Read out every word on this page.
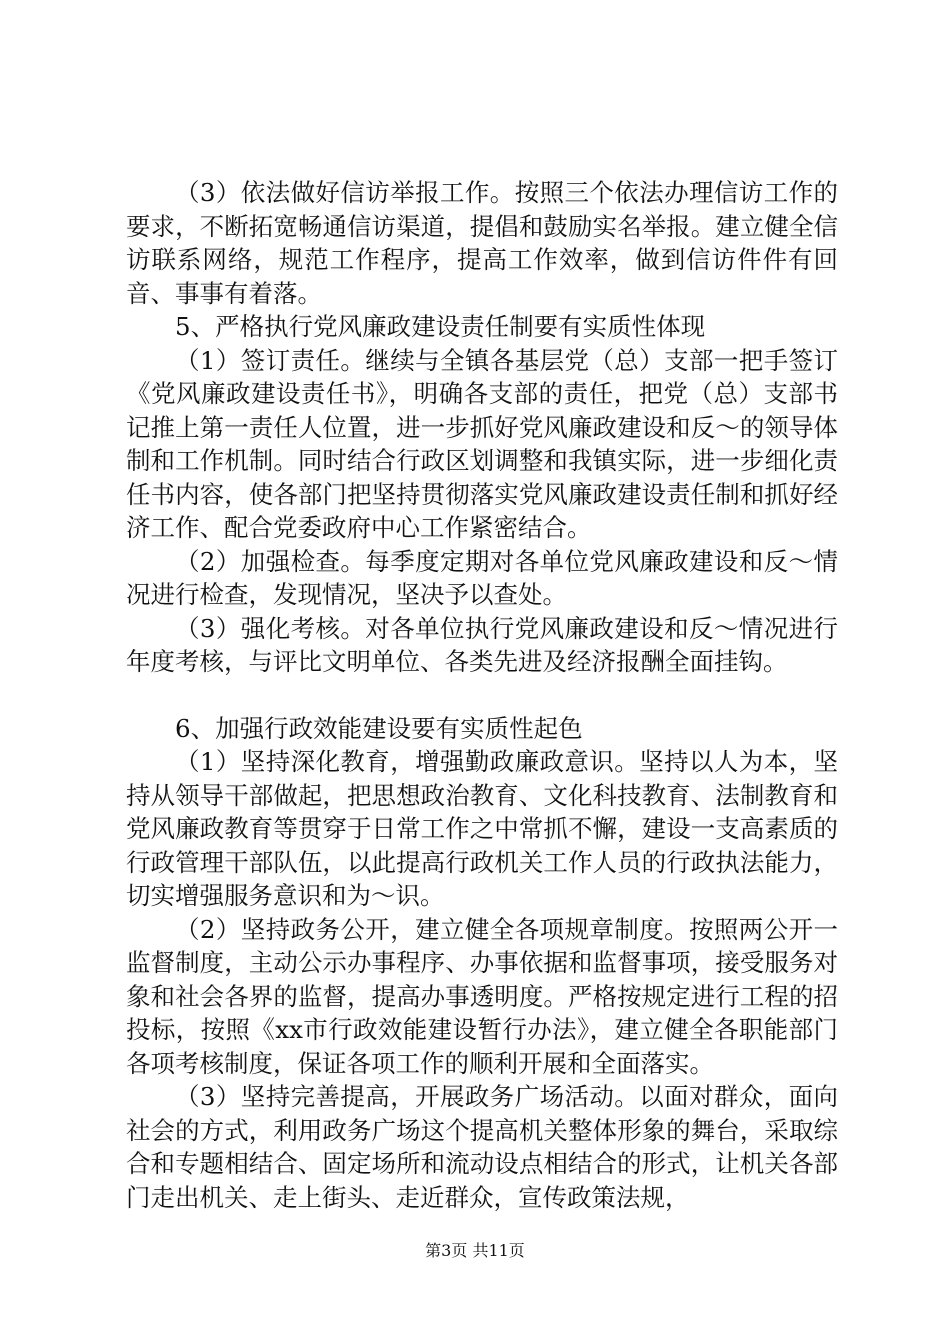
（3）依法做好信访举报工作。按照三个依法办理信访工作的要求，不断拓宽畅通信访渠道，提倡和鼓励实名举报。建立健全信访联系网络，规范工作程序，提高工作效率，做到信访件件有回音、事事有着落。

5、严格执行党风廉政建设责任制要有实质性体现

（1）签订责任。继续与全镇各基层党（总）支部一把手签订《党风廉政建设责任书》，明确各支部的责任，把党（总）支部书记推上第一责任人位置，进一步抓好党风廉政建设和反～的领导体制和工作机制。同时结合行政区划调整和我镇实际，进一步细化责任书内容，使各部门把坚持贯彻落实党风廉政建设责任制和抓好经济工作、配合党委政府中心工作紧密结合。

（2）加强检查。每季度定期对各单位党风廉政建设和反～情况进行检查，发现情况，坚决予以查处。

（3）强化考核。对各单位执行党风廉政建设和反～情况进行年度考核，与评比文明单位、各类先进及经济报酬全面挂钩。

6、加强行政效能建设要有实质性起色

（1）坚持深化教育，增强勤政廉政意识。坚持以人为本，坚持从领导干部做起，把思想政治教育、文化科技教育、法制教育和党风廉政教育等贯穿于日常工作之中常抓不懈，建设一支高素质的行政管理干部队伍，以此提高行政机关工作人员的行政执法能力，切实增强服务意识和为～识。

（2）坚持政务公开，建立健全各项规章制度。按照两公开一监督制度，主动公示办事程序、办事依据和监督事项，接受服务对象和社会各界的监督，提高办事透明度。严格按规定进行工程的招投标，按照《xx市行政效能建设暂行办法》，建立健全各职能部门各项考核制度，保证各项工作的顺利开展和全面落实。

（3）坚持完善提高，开展政务广场活动。以面对群众，面向社会的方式，利用政务广场这个提高机关整体形象的舞台，采取综合和专题相结合、固定场所和流动设点相结合的形式，让机关各部门走出机关、走上街头、走近群众，宣传政策法规，

第3页 共11页
